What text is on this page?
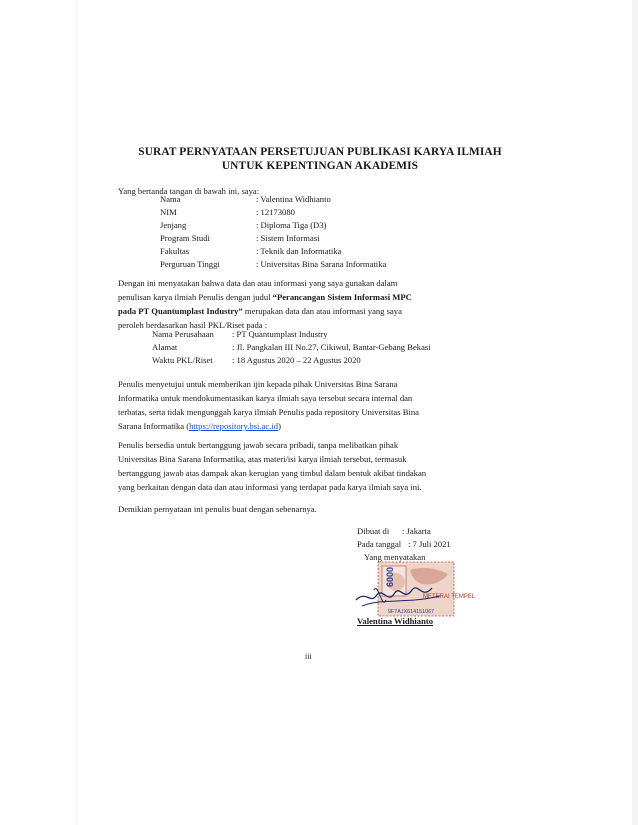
SURAT PERNYATAAN PERSETUJUAN PUBLIKASI KARYA ILMIAH
UNTUK KEPENTINGAN AKADEMIS
Yang bertanda tangan di bawah ini, saya:
Nama	: Valentina Widhianto
NIM	: 12173080
Jenjang	: Diploma Tiga (D3)
Program Studi	: Sistem Informasi
Fakultas	: Teknik dan Informatika
Perguruan Tinggi	: Universitas Bina Sarana Informatika
Dengan ini menyatakan bahwa data dan atau informasi yang saya gunakan dalam
penulisan karya ilmiah Penulis dengan judul “Perancangan Sistem Informasi MPC
pada PT Quantumplast Industry” merupakan data dan atau informasi yang saya
peroleh berdasarkan hasil PKL/Riset pada :
Nama Perusahaan : PT Quantumplast Industry
Alamat	: Jl. Pangkalan III No.27, Cikiwul, Bantar-Gebang Bekasi
Waktu PKL/Riset : 18 Agustus 2020 – 22 Agustus 2020
Penulis menyetujui untuk memberikan ijin kepada pihak Universitas Bina Sarana
Informatika untuk mendokumentasikan karya ilmiah saya tersebut secara internal dan
terbatas, serta tidak mengunggah karya ilmiah Penulis pada repository Universitas Bina
Sarana Informatika (https://repository.bsi.ac.id)
Penulis bersedia untuk bertanggung jawab secara pribadi, tanpa melibatkan pihak
Universitas Bina Sarana Informatika, atas materi/isi karya ilmiah tersebut, termasuk
bertanggung jawab atas dampak akan kerugian yang timbul dalam bentuk akibat tindakan
yang berkaitan dengan data dan atau informasi yang terdapat pada karya ilmiah saya ini.
Demikian pernyataan ini penulis buat dengan sebenarnya.
Dibuat di : Jakarta
Pada tanggal : 7 Juli 2021
Yang menyatakan
6000
METERAI TEMPEL
9F7AJX614151067
Valentina Widhianto
iii
